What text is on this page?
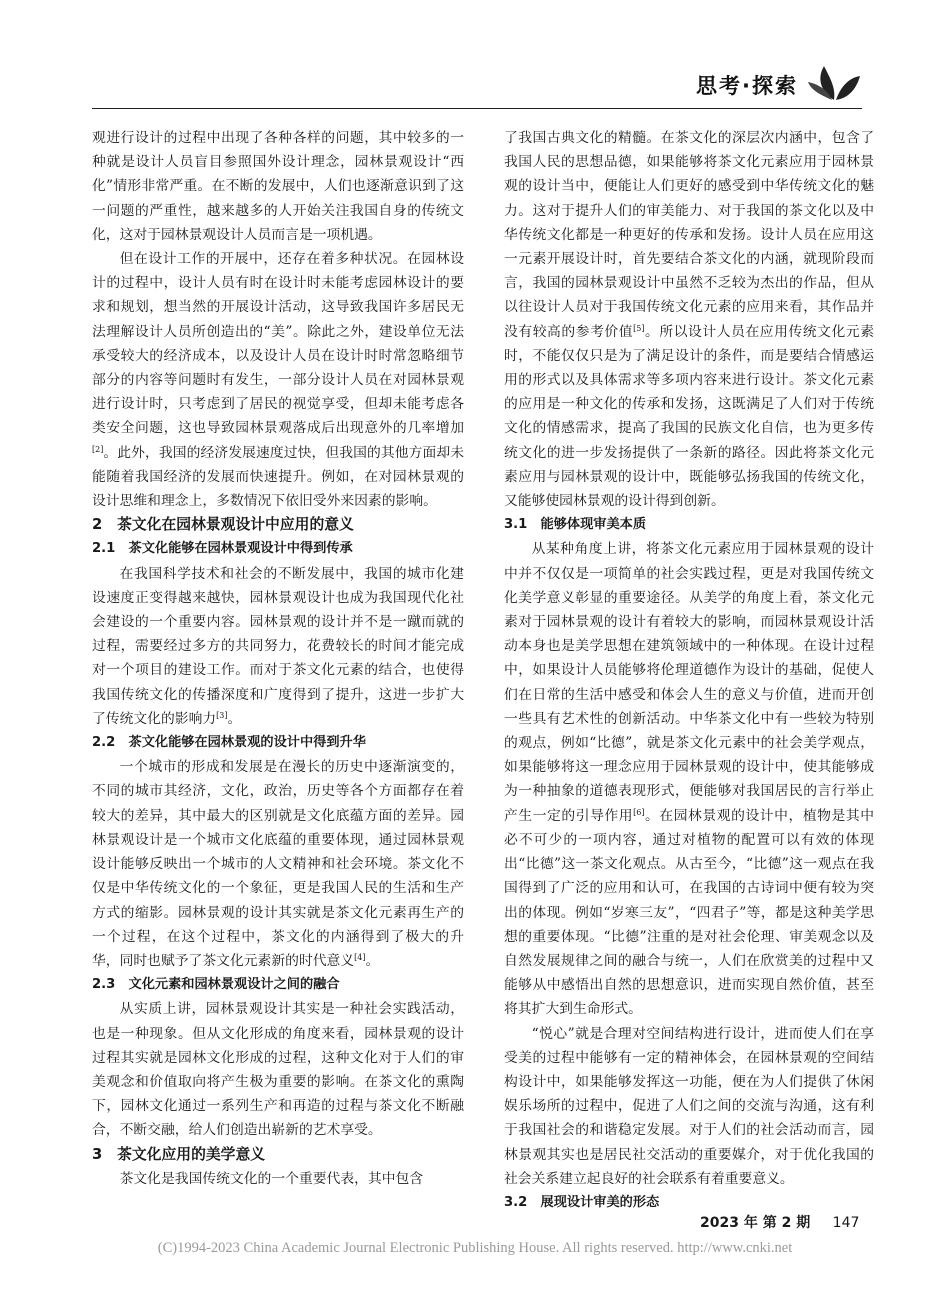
思考·探索

观进行设计的过程中出现了各种各样的问题，其中较多的一种就是设计人员盲目参照国外设计理念，园林景观设计“西化”情形非常严重。在不断的发展中，人们也逐渐意识到了这一问题的严重性，越来越多的人开始关注我国自身的传统文化，这对于园林景观设计人员而言是一项机遇。

但在设计工作的开展中，还存在着多种状况。在园林设计的过程中，设计人员有时在设计时未能考虑园林设计的要求和规划，想当然的开展设计活动，这导致我国许多居民无法理解设计人员所创造出的“美”。除此之外，建设单位无法承受较大的经济成本，以及设计人员在设计时时常忽略细节部分的内容等问题时有发生，一部分设计人员在对园林景观进行设计时，只考虑到了居民的视觉享受，但却未能考虑各类安全问题，这也导致园林景观落成后出现意外的几率增加[2]。此外，我国的经济发展速度过快，但我国的其他方面却未能随着我国经济的发展而快速提升。例如，在对园林景观的设计思维和理念上，多数情况下依旧受外来因素的影响。

2　茶文化在园林景观设计中应用的意义
2.1　茶文化能够在园林景观设计中得到传承

在我国科学技术和社会的不断发展中，我国的城市化建设速度正变得越来越快，园林景观设计也成为我国现代化社会建设的一个重要内容。园林景观的设计并不是一蹴而就的过程，需要经过多方的共同努力，花费较长的时间才能完成对一个项目的建设工作。而对于茶文化元素的结合，也使得我国传统文化的传播深度和广度得到了提升，这进一步扩大了传统文化的影响力[3]。

2.2　茶文化能够在园林景观的设计中得到升华

一个城市的形成和发展是在漫长的历史中逐渐演变的，不同的城市其经济，文化，政治，历史等各个方面都存在着较大的差异，其中最大的区别就是文化底蕴方面的差异。园林景观设计是一个城市文化底蕴的重要体现，通过园林景观设计能够反映出一个城市的人文精神和社会环境。茶文化不仅是中华传统文化的一个象征，更是我国人民的生活和生产方式的缩影。园林景观的设计其实就是茶文化元素再生产的一个过程，在这个过程中，茶文化的内涵得到了极大的升华，同时也赋予了茶文化元素新的时代意义[4]。

2.3　文化元素和园林景观设计之间的融合

从实质上讲，园林景观设计其实是一种社会实践活动，也是一种现象。但从文化形成的角度来看，园林景观的设计过程其实就是园林文化形成的过程，这种文化对于人们的审美观念和价值取向将产生极为重要的影响。在茶文化的熏陶下，园林文化通过一系列生产和再造的过程与茶文化不断融合，不断交融，给人们创造出崭新的艺术享受。

3　茶文化应用的美学意义

茶文化是我国传统文化的一个重要代表，其中包含

了我国古典文化的精髓。在茶文化的深层次内涵中，包含了我国人民的思想品德，如果能够将茶文化元素应用于园林景观的设计当中，便能让人们更好的感受到中华传统文化的魅力。这对于提升人们的审美能力、对于我国的茶文化以及中华传统文化都是一种更好的传承和发扬。设计人员在应用这一元素开展设计时，首先要结合茶文化的内涵，就现阶段而言，我国的园林景观设计中虽然不乏较为杰出的作品，但从以往设计人员对于我国传统文化元素的应用来看，其作品并没有较高的参考价值[5]。所以设计人员在应用传统文化元素时，不能仅仅只是为了满足设计的条件，而是要结合情感运用的形式以及具体需求等多项内容来进行设计。茶文化元素的应用是一种文化的传承和发扬，这既满足了人们对于传统文化的情感需求，提高了我国的民族文化自信，也为更多传统文化的进一步发扬提供了一条新的路径。因此将茶文化元素应用与园林景观的设计中，既能够弘扬我国的传统文化，又能够使园林景观的设计得到创新。

3.1　能够体现审美本质

从某种角度上讲，将茶文化元素应用于园林景观的设计中并不仅仅是一项简单的社会实践过程，更是对我国传统文化美学意义彰显的重要途径。从美学的角度上看，茶文化元素对于园林景观的设计有着较大的影响，而园林景观设计活动本身也是美学思想在建筑领域中的一种体现。在设计过程中，如果设计人员能够将伦理道德作为设计的基础，促使人们在日常的生活中感受和体会人生的意义与价值，进而开创一些具有艺术性的创新活动。中华茶文化中有一些较为特别的观点，例如“比德”，就是茶文化元素中的社会美学观点，如果能够将这一理念应用于园林景观的设计中，使其能够成为一种抽象的道德表现形式，便能够对我国居民的言行举止产生一定的引导作用[6]。在园林景观的设计中，植物是其中必不可少的一项内容，通过对植物的配置可以有效的体现出“比德”这一茶文化观点。从古至今，“比德”这一观点在我国得到了广泛的应用和认可，在我国的古诗词中便有较为突出的体现。例如“岁寒三友”，“四君子”等，都是这种美学思想的重要体现。“比德”注重的是对社会伦理、审美观念以及自然发展规律之间的融合与统一，人们在欣赏美的过程中又能够从中感悟出自然的思想意识，进而实现自然价值，甚至将其扩大到生命形式。

“悦心”就是合理对空间结构进行设计，进而使人们在享受美的过程中能够有一定的精神体会，在园林景观的空间结构设计中，如果能够发挥这一功能，便在为人们提供了休闲娱乐场所的过程中，促进了人们之间的交流与沟通，这有利于我国社会的和谐稳定发展。对于人们的社会活动而言，园林景观其实也是居民社交活动的重要媒介，对于优化我国的社会关系建立起良好的社会联系有着重要意义。

3.2　展现设计审美的形态
2023 年 第 2 期 147
(C)1994-2023 China Academic Journal Electronic Publishing House. All rights reserved. http://www.cnki.net
